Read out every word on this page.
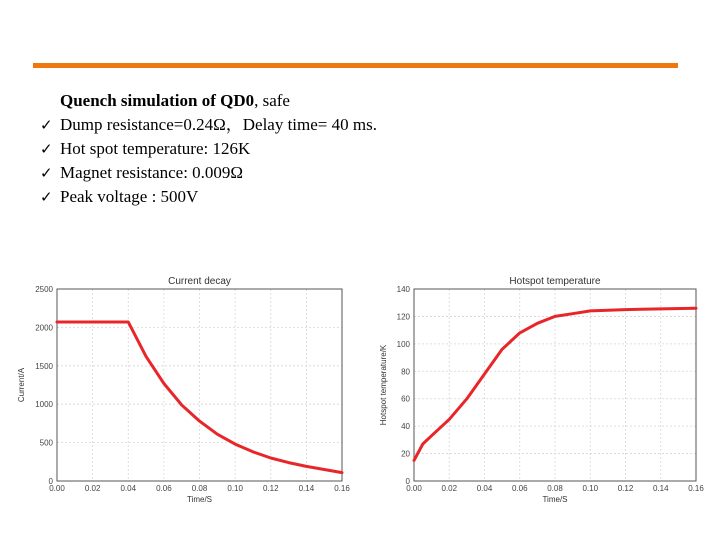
Quench simulation of QD0, safe
✓ Dump resistance=0.24Ω，Delay time= 40 ms.
✓ Hot spot temperature: 126K
✓ Magnet resistance: 0.009Ω
✓ Peak voltage : 500V
0.00	0.02	0.04	0.06	0.08	0.10	0.12	0.14	0.16
0
500
1000
1500
2000
2500
Current decay
Time/S
Current/A
0.00 0.02 0.04 0.06 0.08 0.10 0.12 0.14 0.16
0
20
40
60
80
100
120
140
Hotspot temperature
Time/S
Hotspot temperature/K
